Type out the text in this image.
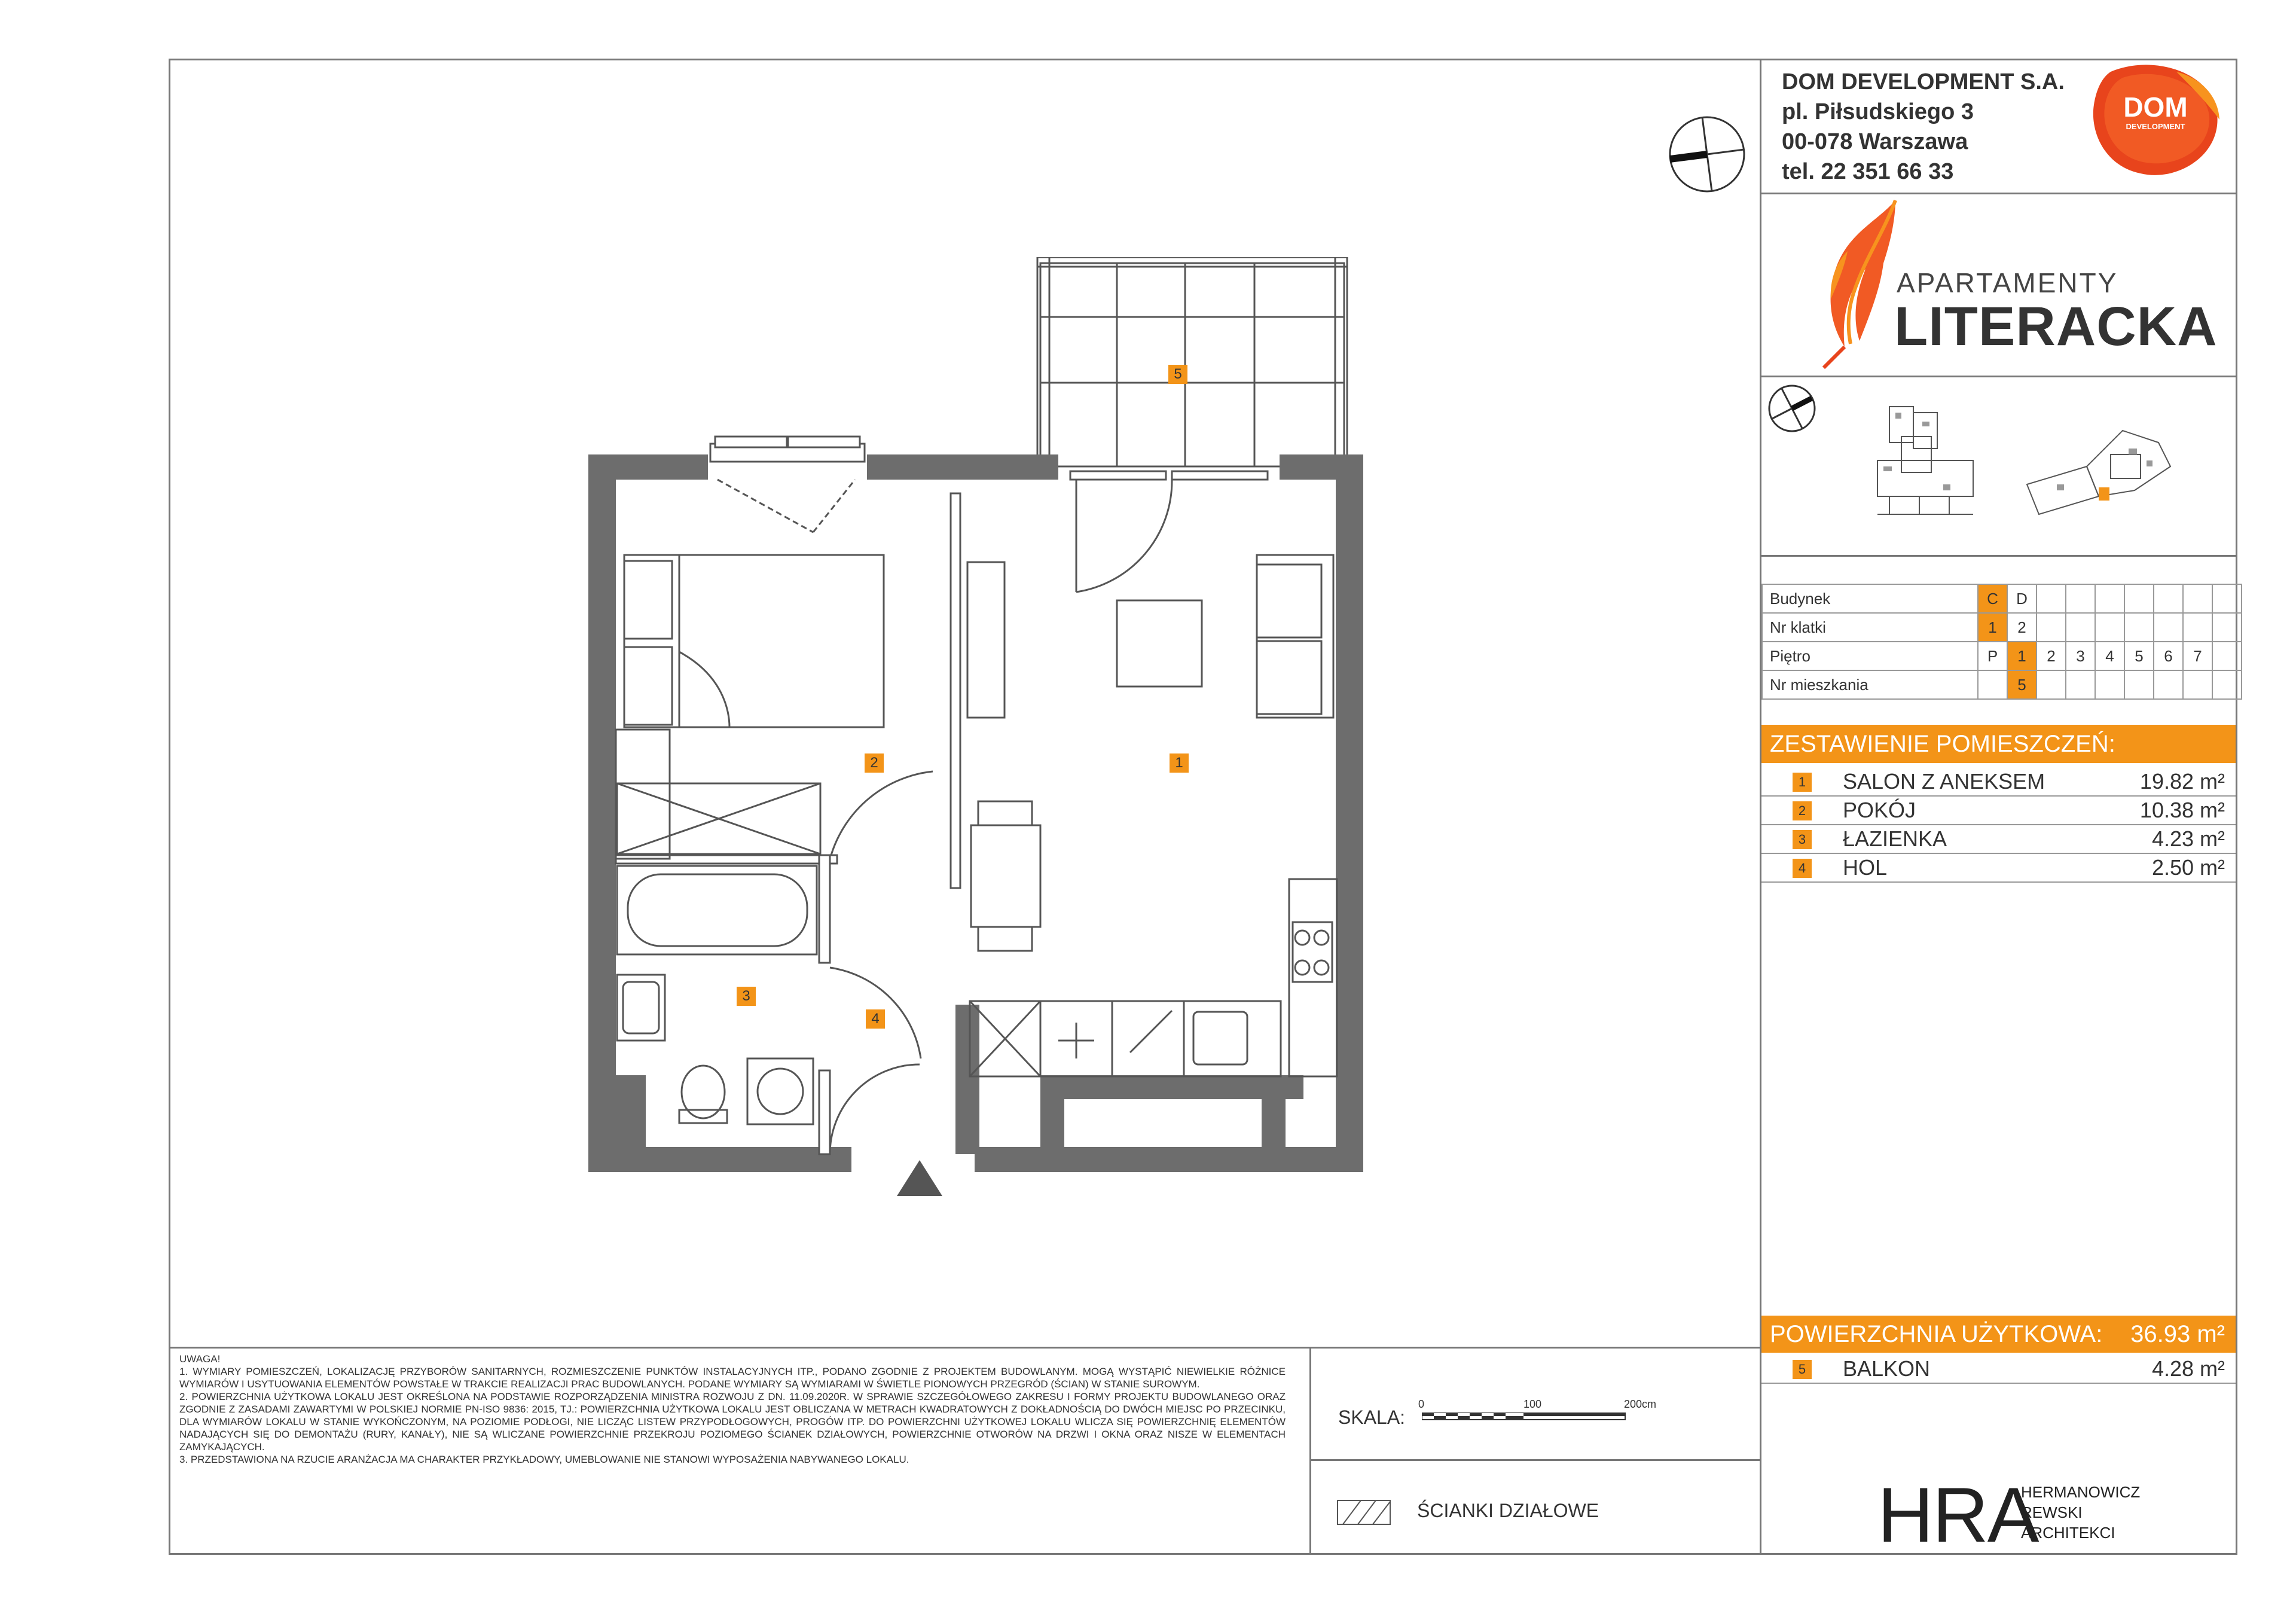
DOM DEVELOPMENT S.A.
pl. Piłsudskiego 3
00-078 Warszawa
tel. 22 351 66 33
DOM
DEVELOPMENT
APARTAMENTY
LITERACKA
Budynek	C	D							
Nr klatki	1	2							
Piętro	P	1	2	3	4	5	6	7	
Nr mieszkania		5							
ZESTAWIENIE POMIESZCZEŃ:
1 SALON Z ANEKSEM	19.82 m²
2 POKÓJ	10.38 m²
3 ŁAZIENKA	4.23 m²
4 HOL	2.50 m²
POWIERZCHNIA UŻYTKOWA: 36.93 m²
5 BALKON	4.28 m²
5
2	1
3
4
UWAGA!
1. WYMIARY POMIESZCZEŃ, LOKALIZACJĘ PRZYBORÓW SANITARNYCH, ROZMIESZCZENIE PUNKTÓW INSTALACYJNYCH ITP., PODANO ZGODNIE Z PROJEKTEM BUDOWLANYM. MOGĄ WYSTĄPIĆ NIEWIELKIE RÓŻNICE WYMIARÓW I USYTUOWANIA ELEMENTÓW POWSTAŁE W TRAKCIE REALIZACJI PRAC BUDOWLANYCH. PODANE WYMIARY SĄ WYMIARAMI W ŚWIETLE PIONOWYCH PRZEGRÓD (ŚCIAN) W STANIE SUROWYM.
2. POWIERZCHNIA UŻYTKOWA LOKALU JEST OKREŚLONA NA PODSTAWIE ROZPORZĄDZENIA MINISTRA ROZWOJU Z DN. 11.09.2020R. W SPRAWIE SZCZEGÓŁOWEGO ZAKRESU I FORMY PROJEKTU BUDOWLANEGO ORAZ ZGODNIE Z ZASADAMI ZAWARTYMI W POLSKIEJ NORMIE PN-ISO 9836: 2015, TJ.: POWIERZCHNIA UŻYTKOWA LOKALU JEST OBLICZANA W METRACH KWADRATOWYCH Z DOKŁADNOŚCIĄ DO DWÓCH MIEJSC PO PRZECINKU, DLA WYMIARÓW LOKALU W STANIE WYKOŃCZONYM, NA POZIOMIE PODŁOGI, NIE LICZĄC LISTEW PRZYPODŁOGOWYCH, PROGÓW ITP. DO POWIERZCHNI UŻYTKOWEJ LOKALU WLICZA SIĘ POWIERZCHNIĘ ELEMENTÓW NADAJĄCYCH SIĘ DO DEMONTAŻU (RURY, KANAŁY), NIE SĄ WLICZANE POWIERZCHNIE PRZEKROJU POZIOMEGO ŚCIANEK DZIAŁOWYCH, POWIERZCHNIE OTWORÓW NA DRZWI I OKNA ORAZ NISZE W ELEMENTACH ZAMYKAJĄCYCH.
3. PRZEDSTAWIONA NA RZUCIE ARANŻACJA MA CHARAKTER PRZYKŁADOWY, UMEBLOWANIE NIE STANOWI WYPOSAŻENIA NABYWANEGO LOKALU.
SKALA:
0	100	200cm
ŚCIANKI DZIAŁOWE	HRA
HERMANOWICZ
REWSKI
ARCHITEKCI
